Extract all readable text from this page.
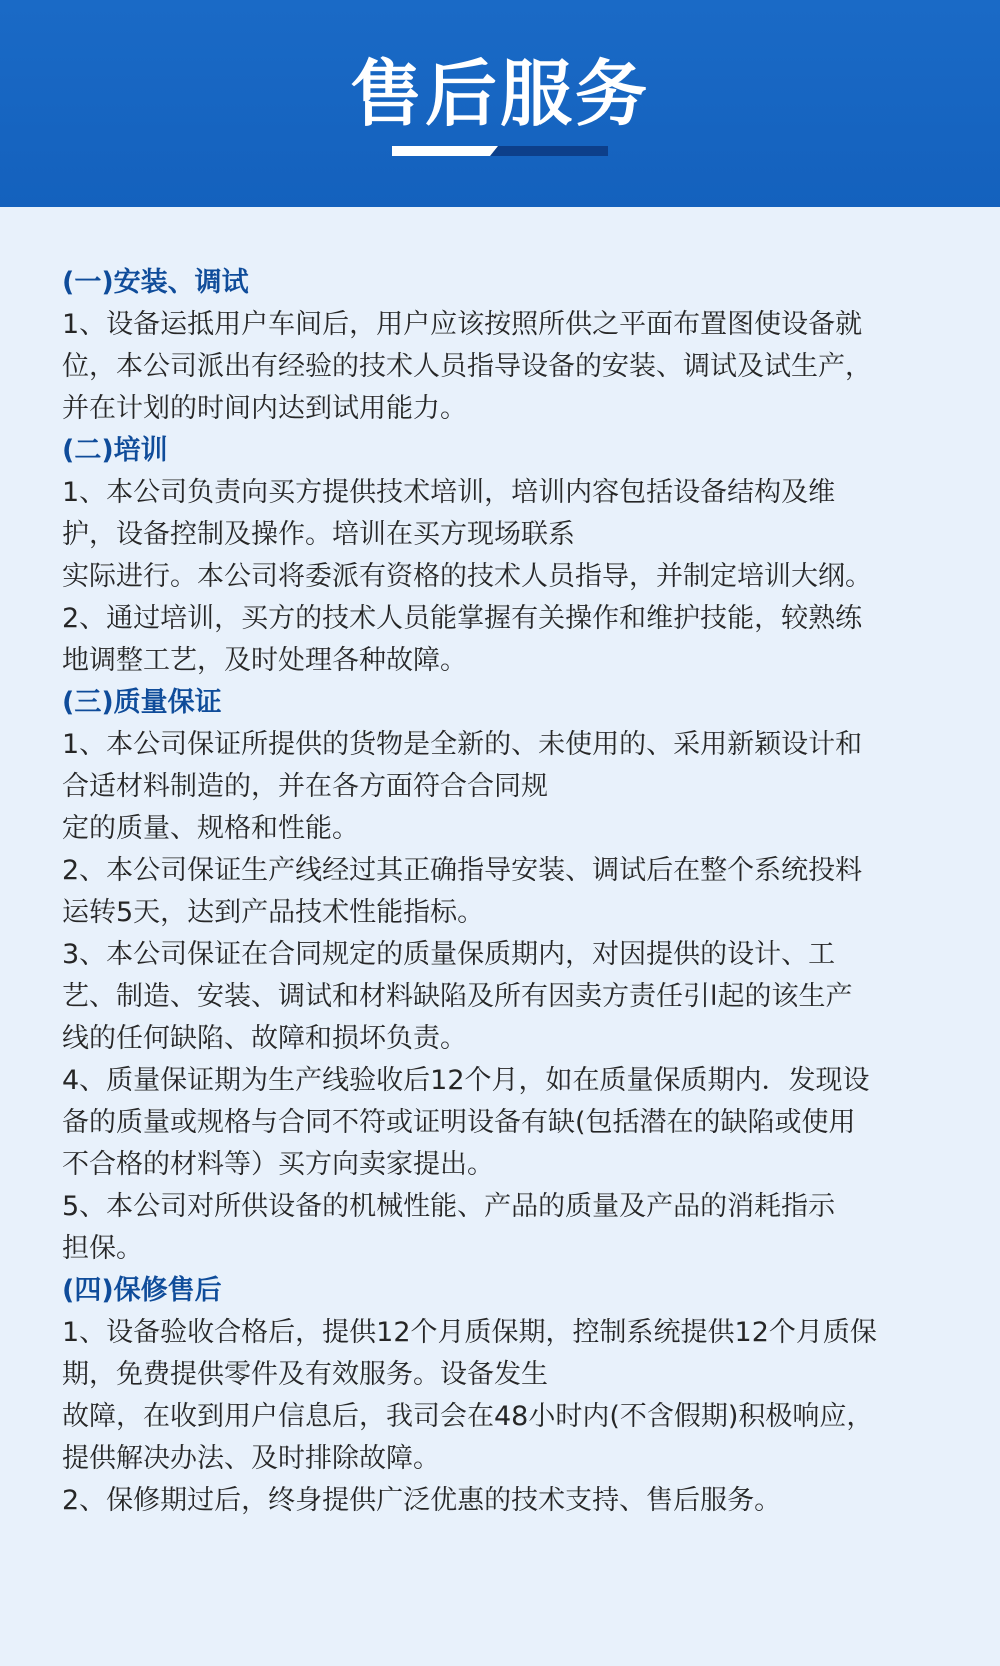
售后服务
(一)安装、调试
1、设备运抵用户车间后，用户应该按照所供之平面布置图使设备就
位，本公司派出有经验的技术人员指导设备的安装、调试及试生产，
并在计划的时间内达到试用能力。
(二)培训
1、本公司负责向买方提供技术培训，培训内容包括设备结构及维
护，设备控制及操作。培训在买方现场联系
实际进行。本公司将委派有资格的技术人员指导，并制定培训大纲。
2、通过培训，买方的技术人员能掌握有关操作和维护技能，较熟练
地调整工艺，及时处理各种故障。
(三)质量保证
1、本公司保证所提供的货物是全新的、未使用的、采用新颖设计和
合适材料制造的，并在各方面符合合同规
定的质量、规格和性能。
2、本公司保证生产线经过其正确指导安装、调试后在整个系统投料
运转5天，达到产品技术性能指标。
3、本公司保证在合同规定的质量保质期内，对因提供的设计、工
艺、制造、安装、调试和材料缺陷及所有因卖方责任引l起的该生产
线的任何缺陷、故障和损坏负责。
4、质量保证期为生产线验收后12个月，如在质量保质期内．发现设
备的质量或规格与合同不符或证明设备有缺(包括潜在的缺陷或使用
不合格的材料等）买方向卖家提出。
5、本公司对所供设备的机械性能、产品的质量及产品的消耗指示
担保。
(四)保修售后
1、设备验收合格后，提供12个月质保期，控制系统提供12个月质保
期，免费提供零件及有效服务。设备发生
故障，在收到用户信息后，我司会在48小时内(不含假期)积极响应，
提供解决办法、及时排除故障。
2、保修期过后，终身提供广泛优惠的技术支持、售后服务。
